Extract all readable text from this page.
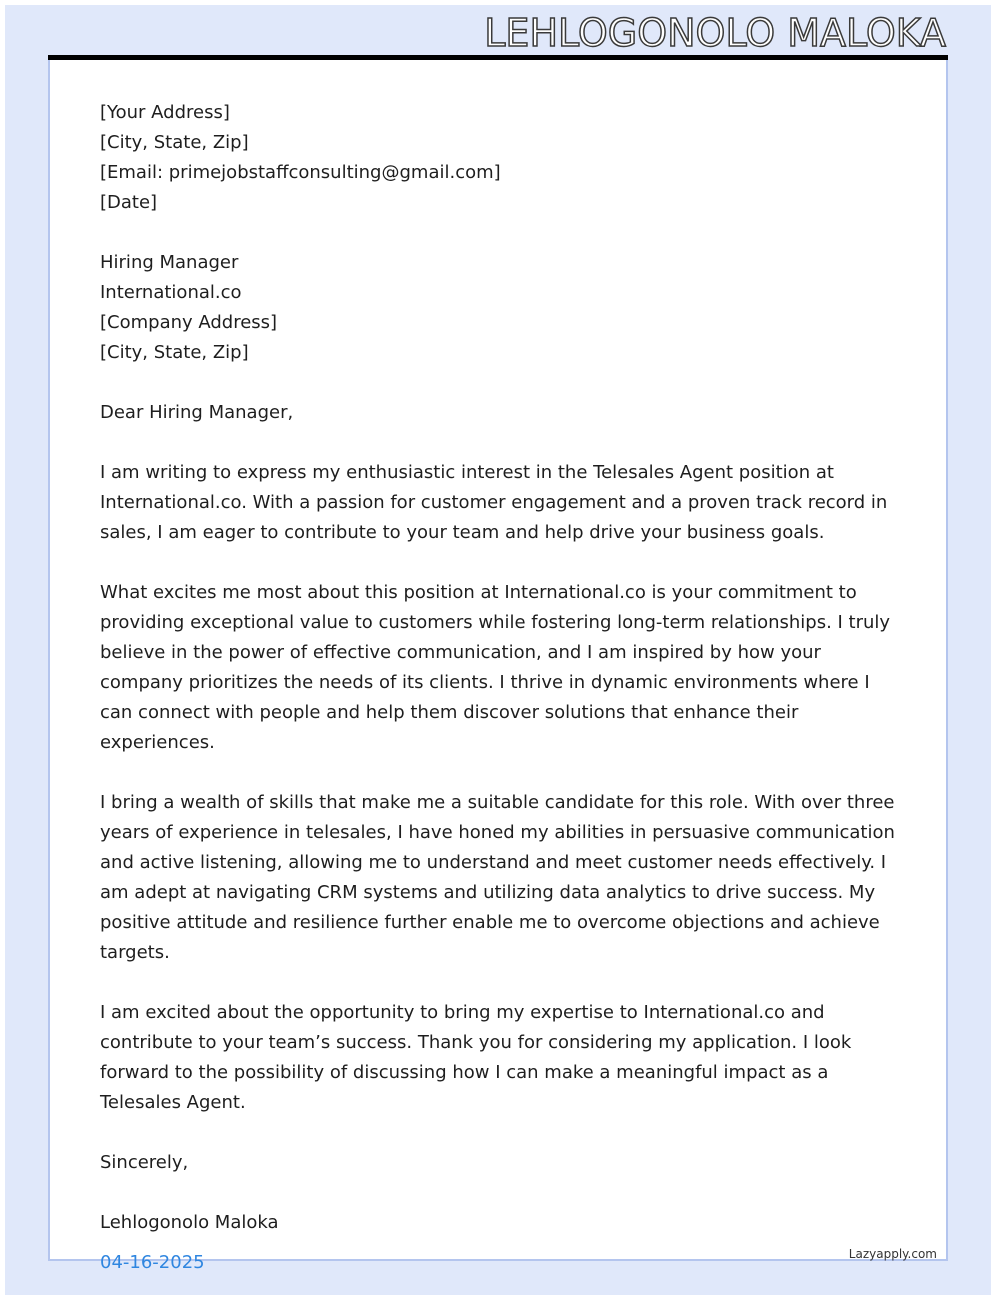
LEHLOGONOLO MALOKA

[Your Address]
[City, State, Zip]
[Email: primejobstaffconsulting@gmail.com]
[Date]

Hiring Manager
International.co
[Company Address]
[City, State, Zip]

Dear Hiring Manager,

I am writing to express my enthusiastic interest in the Telesales Agent position at International.co. With a passion for customer engagement and a proven track record in sales, I am eager to contribute to your team and help drive your business goals.

What excites me most about this position at International.co is your commitment to providing exceptional value to customers while fostering long-term relationships. I truly believe in the power of effective communication, and I am inspired by how your company prioritizes the needs of its clients. I thrive in dynamic environments where I can connect with people and help them discover solutions that enhance their experiences.

I bring a wealth of skills that make me a suitable candidate for this role. With over three years of experience in telesales, I have honed my abilities in persuasive communication and active listening, allowing me to understand and meet customer needs effectively. I am adept at navigating CRM systems and utilizing data analytics to drive success. My positive attitude and resilience further enable me to overcome objections and achieve targets.

I am excited about the opportunity to bring my expertise to International.co and contribute to your team’s success. Thank you for considering my application. I look forward to the possibility of discussing how I can make a meaningful impact as a Telesales Agent.

Sincerely,

Lehlogonolo Maloka

04-16-2025	Lazyapply.com
